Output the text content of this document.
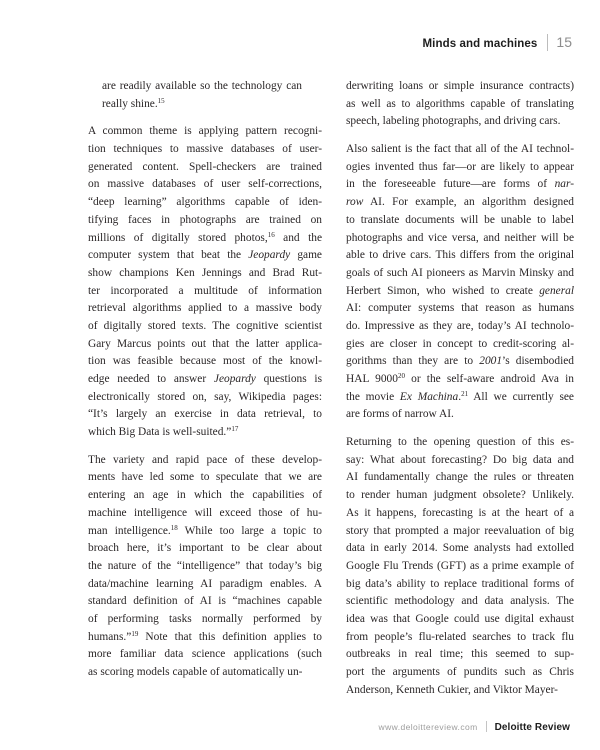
Minds and machines 15
are readily available so the technology can
really shine.$^{15}$
A common theme is applying pattern recogni-
tion techniques to massive databases of user-
generated content. Spell-checkers are trained
on massive databases of user self-corrections,
“deep learning” algorithms capable of iden-
tifying faces in photographs are trained on
millions of digitally stored photos,$^{16}$ and the
computer system that beat the Jeopardy game
show champions Ken Jennings and Brad Rut-
ter incorporated a multitude of information
retrieval algorithms applied to a massive body
of digitally stored texts. The cognitive scientist
Gary Marcus points out that the latter applica-
tion was feasible because most of the knowl-
edge needed to answer Jeopardy questions is
electronically stored on, say, Wikipedia pages:
“It’s largely an exercise in data retrieval, to
which Big Data is well-suited.”$^{17}$
The variety and rapid pace of these develop-
ments have led some to speculate that we are
entering an age in which the capabilities of
machine intelligence will exceed those of hu-
man intelligence.$^{18}$ While too large a topic to
broach here, it’s important to be clear about
the nature of the “intelligence” that today’s big
data/machine learning AI paradigm enables. A
standard definition of AI is “machines capable
of performing tasks normally performed by
humans.”$^{19}$ Note that this definition applies to
more familiar data science applications (such
as scoring models capable of automatically un-
derwriting loans or simple insurance contracts)
as well as to algorithms capable of translating
speech, labeling photographs, and driving cars.
Also salient is the fact that all of the AI technol-
ogies invented thus far—or are likely to appear
in the foreseeable future—are forms of nar-
row AI. For example, an algorithm designed
to translate documents will be unable to label
photographs and vice versa, and neither will be
able to drive cars. This differs from the original
goals of such AI pioneers as Marvin Minsky and
Herbert Simon, who wished to create general
AI: computer systems that reason as humans
do. Impressive as they are, today’s AI technolo-
gies are closer in concept to credit-scoring al-
gorithms than they are to 2001’s disembodied
HAL 9000$^{20}$ or the self-aware android Ava in
the movie Ex Machina.$^{21}$ All we currently see
are forms of narrow AI.
Returning to the opening question of this es-
say: What about forecasting? Do big data and
AI fundamentally change the rules or threaten
to render human judgment obsolete? Unlikely.
As it happens, forecasting is at the heart of a
story that prompted a major reevaluation of big
data in early 2014. Some analysts had extolled
Google Flu Trends (GFT) as a prime example of
big data’s ability to replace traditional forms of
scientific methodology and data analysis. The
idea was that Google could use digital exhaust
from people’s flu-related searches to track flu
outbreaks in real time; this seemed to sup-
port the arguments of pundits such as Chris
Anderson, Kenneth Cukier, and Viktor Mayer-
www.deloittereview.com Deloitte Review
